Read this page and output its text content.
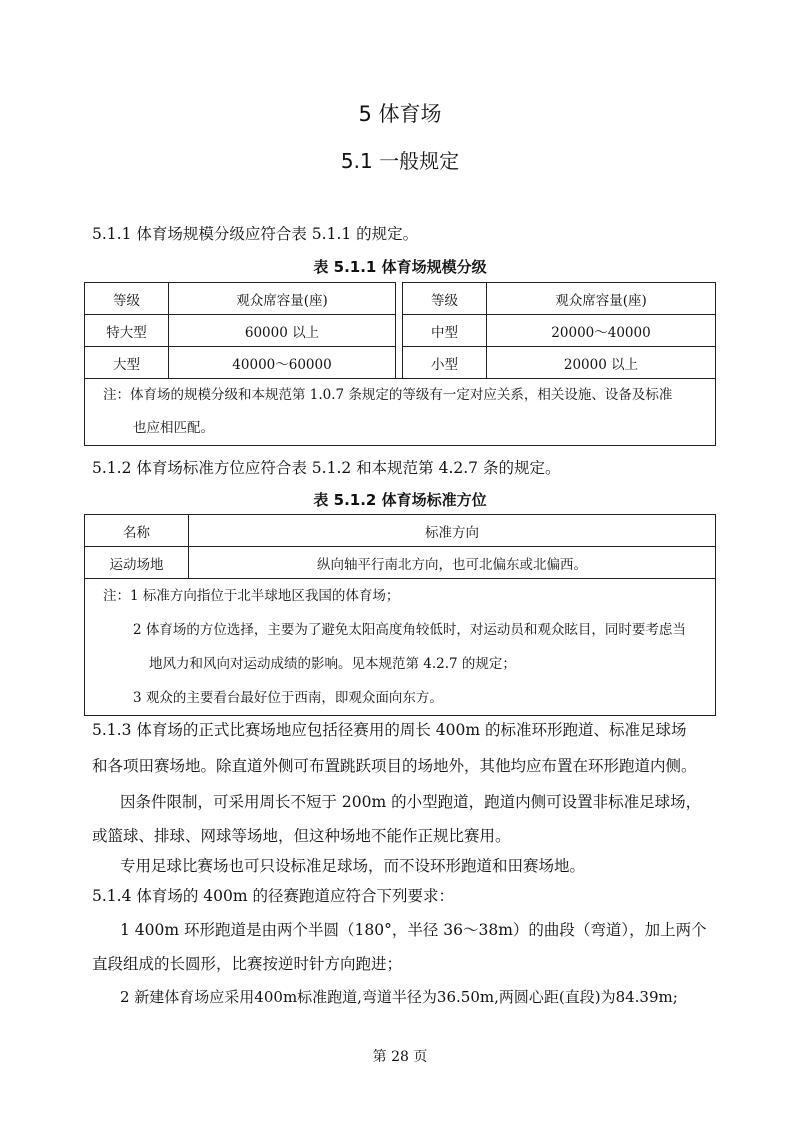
5 体育场
5.1 一般规定
5.1.1 体育场规模分级应符合表 5.1.1 的规定。
表 5.1.1 体育场规模分级
等级	观众席容量(座)		等级	观众席容量(座)
特大型	60000 以上		中型	20000～40000
大型	40000～60000		小型	20000 以上

注：体育场的规模分级和本规范第 1.0.7 条规定的等级有一定对应关系，相关设施、设备及标准
也应相匹配。				
5.1.2 体育场标准方位应符合表 5.1.2 和本规范第 4.2.7 条的规定。
表 5.1.2 体育场标准方位
名称	标准方向
运动场地	纵向轴平行南北方向，也可北偏东或北偏西。

注：1 标准方向指位于北半球地区我国的体育场；
2 体育场的方位选择，主要为了避免太阳高度角较低时，对运动员和观众眩目，同时要考虑当
地风力和风向对运动成绩的影响。见本规范第 4.2.7 的规定；
3 观众的主要看台最好位于西南，即观众面向东方。	
5.1.3 体育场的正式比赛场地应包括径赛用的周长 400m 的标准环形跑道、标准足球场
和各项田赛场地。除直道外侧可布置跳跃项目的场地外，其他均应布置在环形跑道内侧。
因条件限制，可采用周长不短于 200m 的小型跑道，跑道内侧可设置非标准足球场，
或篮球、排球、网球等场地，但这种场地不能作正规比赛用。
专用足球比赛场也可只设标准足球场，而不设环形跑道和田赛场地。
5.1.4 体育场的 400m 的径赛跑道应符合下列要求：
1 400m 环形跑道是由两个半圆（180°，半径 36～38m）的曲段（弯道），加上两个
直段组成的长圆形，比赛按逆时针方向跑进；
2 新建体育场应采用400m标准跑道,弯道半径为36.50m,两圆心距(直段)为84.39m;
第 28 页
